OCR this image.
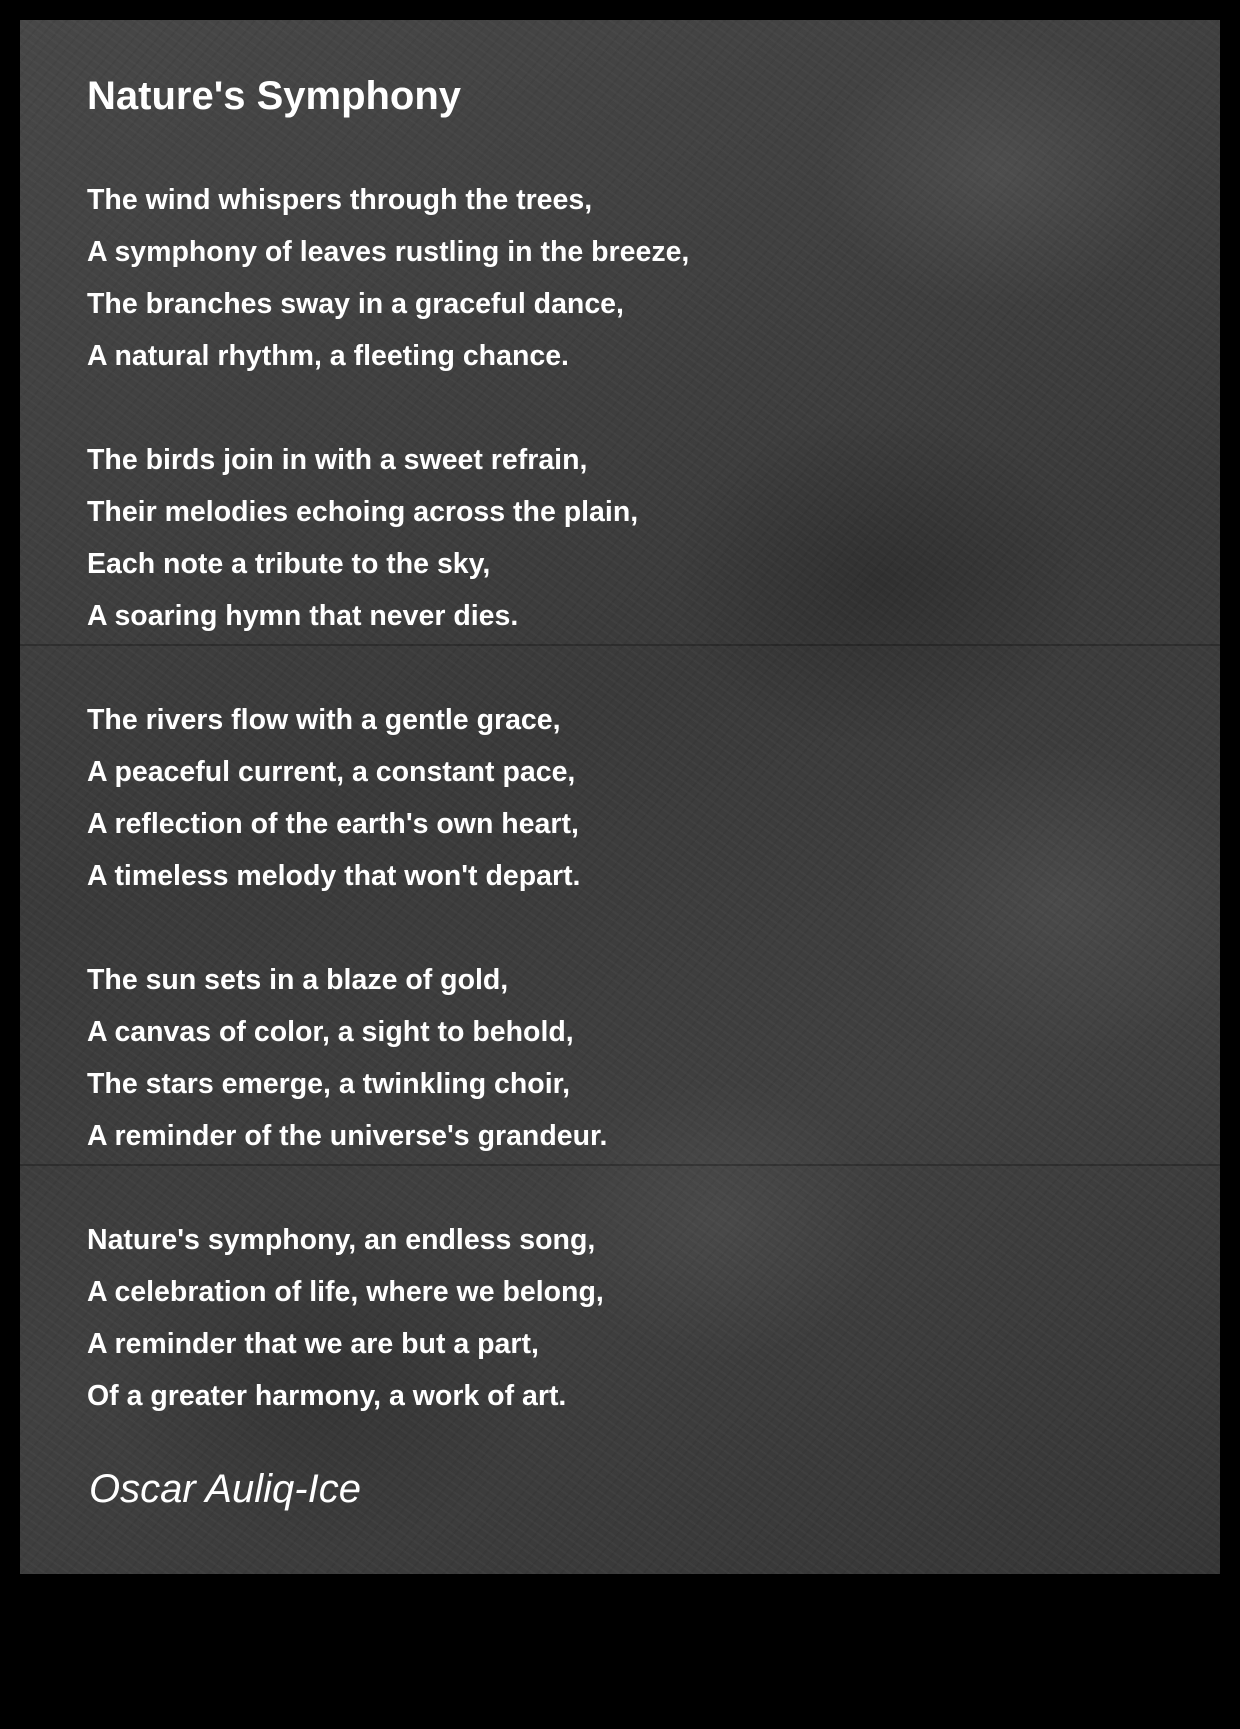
Nature's Symphony
The wind whispers through the trees,
A symphony of leaves rustling in the breeze,
The branches sway in a graceful dance,
A natural rhythm, a fleeting chance.
The birds join in with a sweet refrain,
Their melodies echoing across the plain,
Each note a tribute to the sky,
A soaring hymn that never dies.
The rivers flow with a gentle grace,
A peaceful current, a constant pace,
A reflection of the earth's own heart,
A timeless melody that won't depart.
The sun sets in a blaze of gold,
A canvas of color, a sight to behold,
The stars emerge, a twinkling choir,
A reminder of the universe's grandeur.
Nature's symphony, an endless song,
A celebration of life, where we belong,
A reminder that we are but a part,
Of a greater harmony, a work of art.
Oscar Auliq-Ice
